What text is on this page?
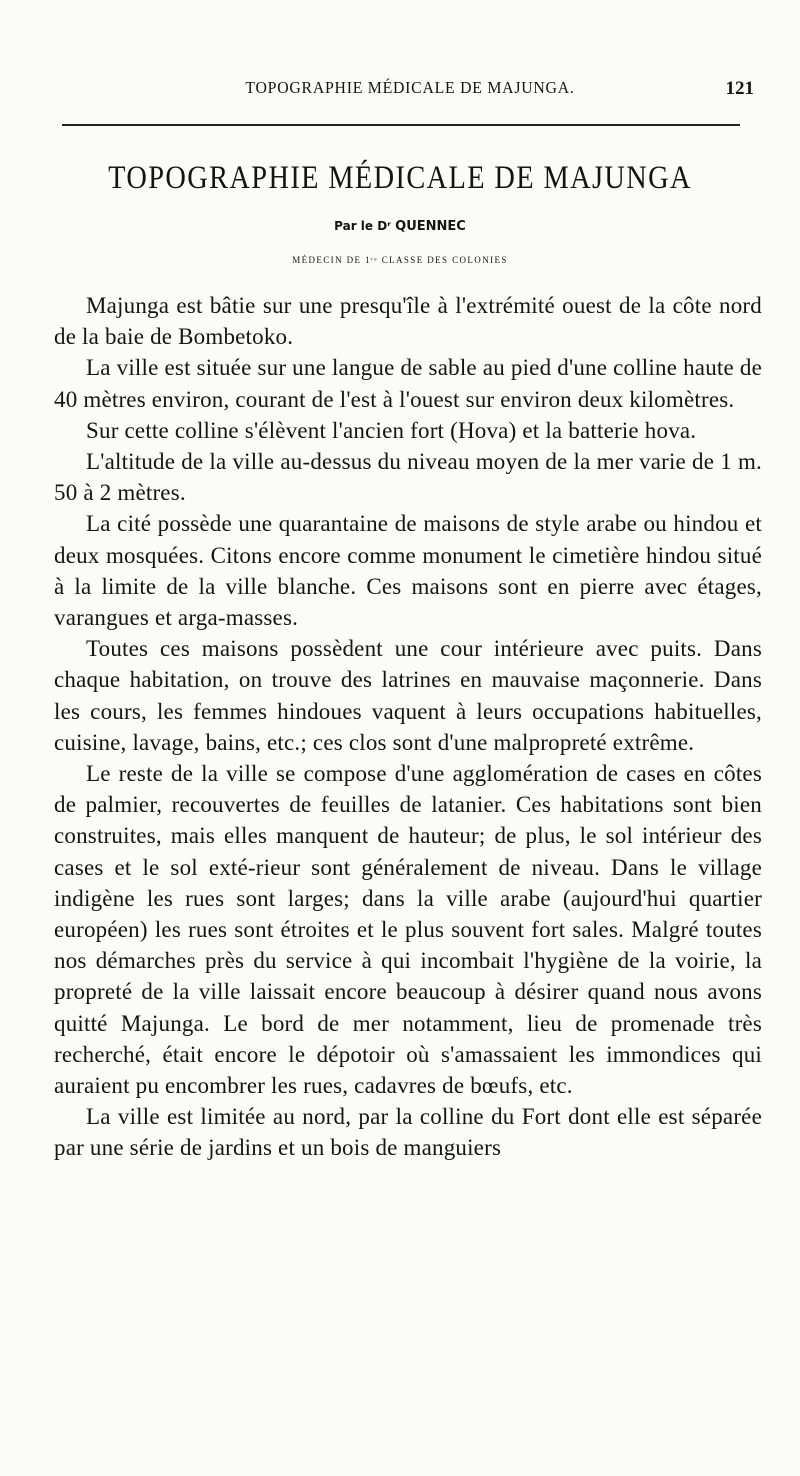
TOPOGRAPHIE MÉDICALE DE MAJUNGA.	121
TOPOGRAPHIE MÉDICALE DE MAJUNGA
Par le Dʳ QUENNEC
MÉDECIN DE 1ʳᵉ CLASSE DES COLONIES

Majunga est bâtie sur une presqu'île à l'extrémité ouest de la côte nord de la baie de Bombetoko.

La ville est située sur une langue de sable au pied d'une colline haute de 40 mètres environ, courant de l'est à l'ouest sur environ deux kilomètres.

Sur cette colline s'élèvent l'ancien fort (Hova) et la batterie hova.

L'altitude de la ville au-dessus du niveau moyen de la mer varie de 1 m. 50 à 2 mètres.

La cité possède une quarantaine de maisons de style arabe ou hindou et deux mosquées. Citons encore comme monument le cimetière hindou situé à la limite de la ville blanche. Ces maisons sont en pierre avec étages, varangues et arga-masses.

Toutes ces maisons possèdent une cour intérieure avec puits. Dans chaque habitation, on trouve des latrines en mauvaise maçonnerie. Dans les cours, les femmes hindoues vaquent à leurs occupations habituelles, cuisine, lavage, bains, etc.; ces clos sont d'une malpropreté extrême.

Le reste de la ville se compose d'une agglomération de cases en côtes de palmier, recouvertes de feuilles de latanier. Ces habitations sont bien construites, mais elles manquent de hauteur; de plus, le sol intérieur des cases et le sol exté-rieur sont généralement de niveau. Dans le village indigène les rues sont larges; dans la ville arabe (aujourd'hui quartier européen) les rues sont étroites et le plus souvent fort sales. Malgré toutes nos démarches près du service à qui incombait l'hygiène de la voirie, la propreté de la ville laissait encore beaucoup à désirer quand nous avons quitté Majunga. Le bord de mer notamment, lieu de promenade très recherché, était encore le dépotoir où s'amassaient les immondices qui auraient pu encombrer les rues, cadavres de bœufs, etc.

La ville est limitée au nord, par la colline du Fort dont elle est séparée par une série de jardins et un bois de manguiers
